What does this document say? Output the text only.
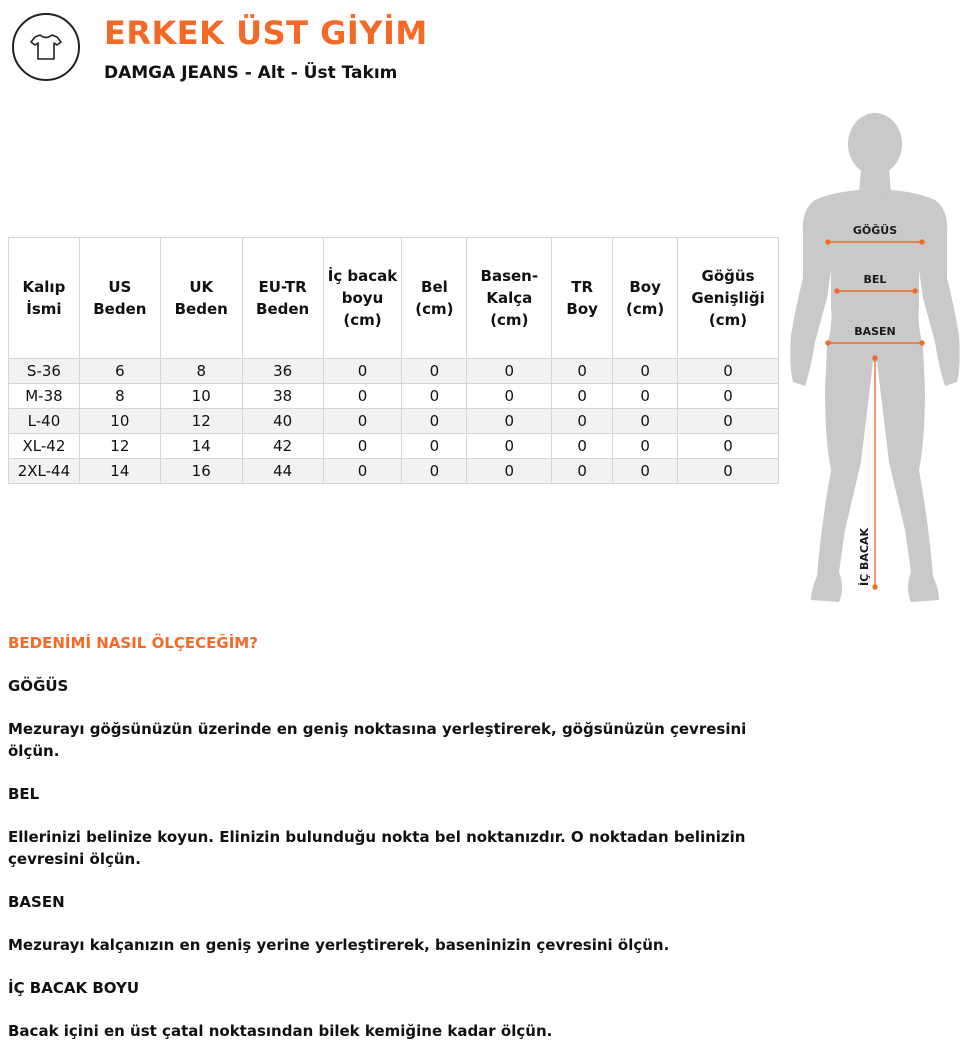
ERKEK ÜST GİYİM
DAMGA JEANS - Alt - Üst Takım
Kalıp İsmi	US Beden	UK Beden	EU-TR Beden	İç bacak boyu (cm)	Bel (cm)	Basen-Kalça (cm)	TR Boy	Boy (cm)	Göğüs Genişliği (cm)
S-36	6	8	36	0	0	0	0	0	0
M-38	8	10	38	0	0	0	0	0	0
L-40	10	12	40	0	0	0	0	0	0
XL-42	12	14	42	0	0	0	0	0	0
2XL-44	14	16	44	0	0	0	0	0	0
GÖĞÜS
BEL
BASEN
İÇ BACAK

BEDENİMİ NASIL ÖLÇECEĞİM?

GÖĞÜS

Mezurayı göğsünüzün üzerinde en geniş noktasına yerleştirerek, göğsünüzün çevresini ölçün.

BEL

Ellerinizi belinize koyun. Elinizin bulunduğu nokta bel noktanızdır. O noktadan belinizin çevresini ölçün.

BASEN

Mezurayı kalçanızın en geniş yerine yerleştirerek, baseninizin çevresini ölçün.

İÇ BACAK BOYU

Bacak içini en üst çatal noktasından bilek kemiğine kadar ölçün.
